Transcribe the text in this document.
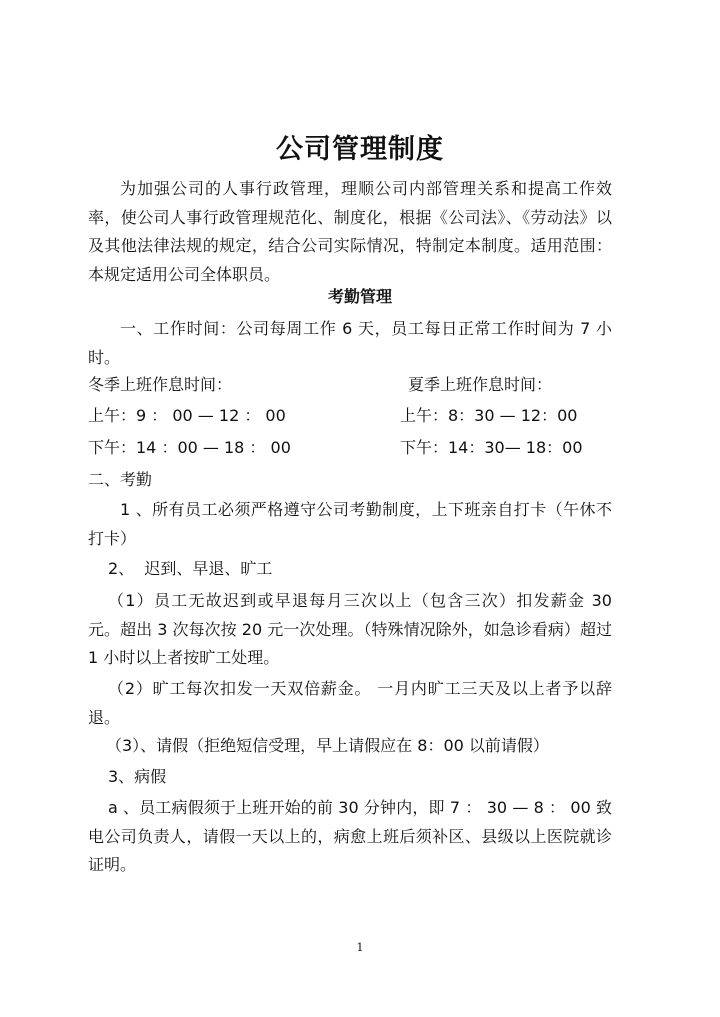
公司管理制度

为加强公司的人事行政管理，理顺公司内部管理关系和提高工作效率，使公司人事行政管理规范化、制度化，根据《公司法》、《劳动法》以及其他法律法规的规定，结合公司实际情况，特制定本制度。适用范围：本规定适用公司全体职员。

考勤管理

一、工作时间：公司每周工作 6 天，员工每日正常工作时间为 7 小时。

冬季上班作息时间：	夏季上班作息时间：
上午：9 ： 00 — 12 ： 00	上午：8：30 — 12：00
下午：14 ：00 — 18 ： 00	下午：14：30— 18：00
二、考勤

1 、所有员工必须严格遵守公司考勤制度，上下班亲自打卡（午休不打卡）

2、  迟到、早退、旷工

（1）员工无故迟到或早退每月三次以上（包含三次）扣发薪金 30 元。超出 3 次每次按 20 元一次处理。（特殊情况除外，如急诊看病）超过 1 小时以上者按旷工处理。

（2）旷工每次扣发一天双倍薪金。 一月内旷工三天及以上者予以辞退。

（3）、请假（拒绝短信受理，早上请假应在 8：00 以前请假）
3、病假

a 、员工病假须于上班开始的前 30 分钟内，即 7 ： 30 — 8 ： 00 致电公司负责人，请假一天以上的，病愈上班后须补区、县级以上医院就诊证明。

1
